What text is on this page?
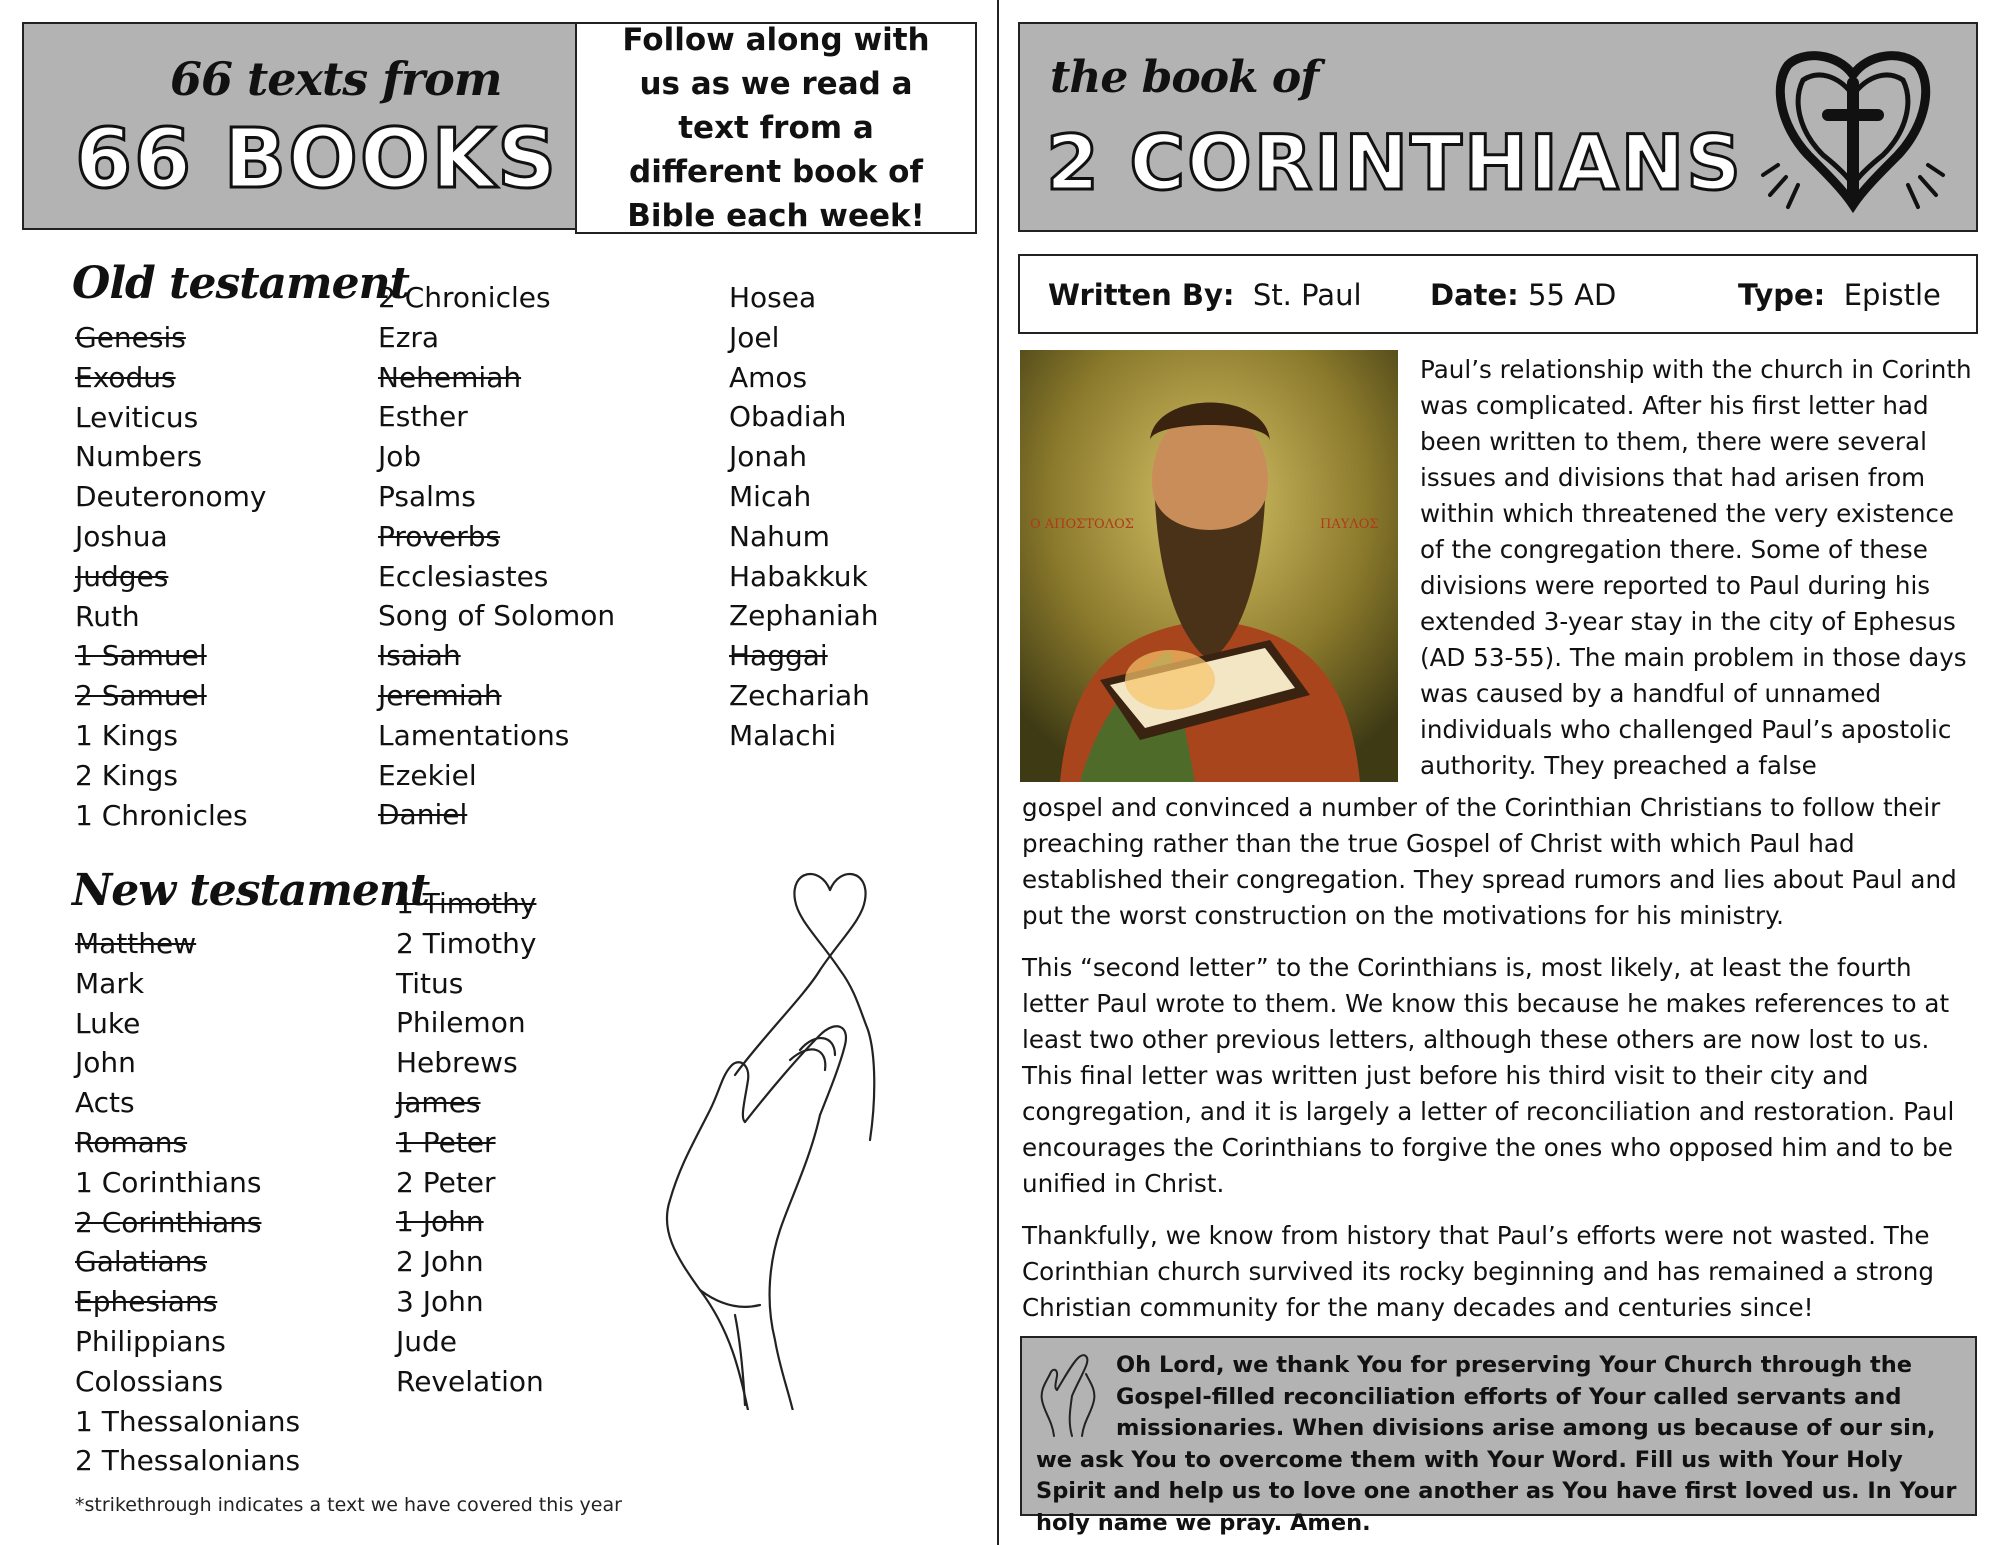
66 texts from
66 BOOKS
Follow along with us as we read a text from a different book of Bible each week!
Old testament
Genesis
Exodus
Leviticus
Numbers
Deuteronomy
Joshua
Judges
Ruth
1 Samuel
2 Samuel
1 Kings
2 Kings
1 Chronicles
2 Chronicles
Ezra
Nehemiah
Esther
Job
Psalms
Proverbs
Ecclesiastes
Song of Solomon
Isaiah
Jeremiah
Lamentations
Ezekiel
Daniel
Hosea
Joel
Amos
Obadiah
Jonah
Micah
Nahum
Habakkuk
Zephaniah
Haggai
Zechariah
Malachi
New testament
Matthew
Mark
Luke
John
Acts
Romans
1 Corinthians
2 Corinthians
Galatians
Ephesians
Philippians
Colossians
1 Thessalonians
2 Thessalonians
1 Timothy
2 Timothy
Titus
Philemon
Hebrews
James
1 Peter
2 Peter
1 John
2 John
3 John
Jude
Revelation
*strikethrough indicates a text we have covered this year
the book of
2 CORINTHIANS
Written By: St. Paul Date: 55 AD	Type: Epistle
Ο ΑΠΟΣΤΟΛΟΣ	ΠΑΥΛΟΣ

Paul’s relationship with the church in Corinth was complicated. After his first letter had been written to them, there were several issues and divisions that had arisen from within which threatened the very existence of the congregation there. Some of these divisions were reported to Paul during his extended 3-year stay in the city of Ephesus (AD 53-55). The main problem in those days was caused by a handful of unnamed individuals who challenged Paul’s apostolic authority. They preached a false

gospel and convinced a number of the Corinthian Christians to follow their preaching rather than the true Gospel of Christ with which Paul had established their congregation. They spread rumors and lies about Paul and put the worst construction on the motivations for his ministry.

This “second letter” to the Corinthians is, most likely, at least the fourth letter Paul wrote to them. We know this because he makes references to at least two other previous letters, although these others are now lost to us. This final letter was written just before his third visit to their city and congregation, and it is largely a letter of reconciliation and restoration. Paul encourages the Corinthians to forgive the ones who opposed him and to be unified in Christ.

Thankfully, we know from history that Paul’s efforts were not wasted. The Corinthian church survived its rocky beginning and has remained a strong Christian community for the many decades and centuries since!

Oh Lord, we thank You for preserving Your Church through the Gospel-filled reconciliation efforts of Your called servants and missionaries. When divisions arise among us because of our sin, we ask You to overcome them with Your Word. Fill us with Your Holy Spirit and help us to love one another as You have first loved us. In Your holy name we pray. Amen.
